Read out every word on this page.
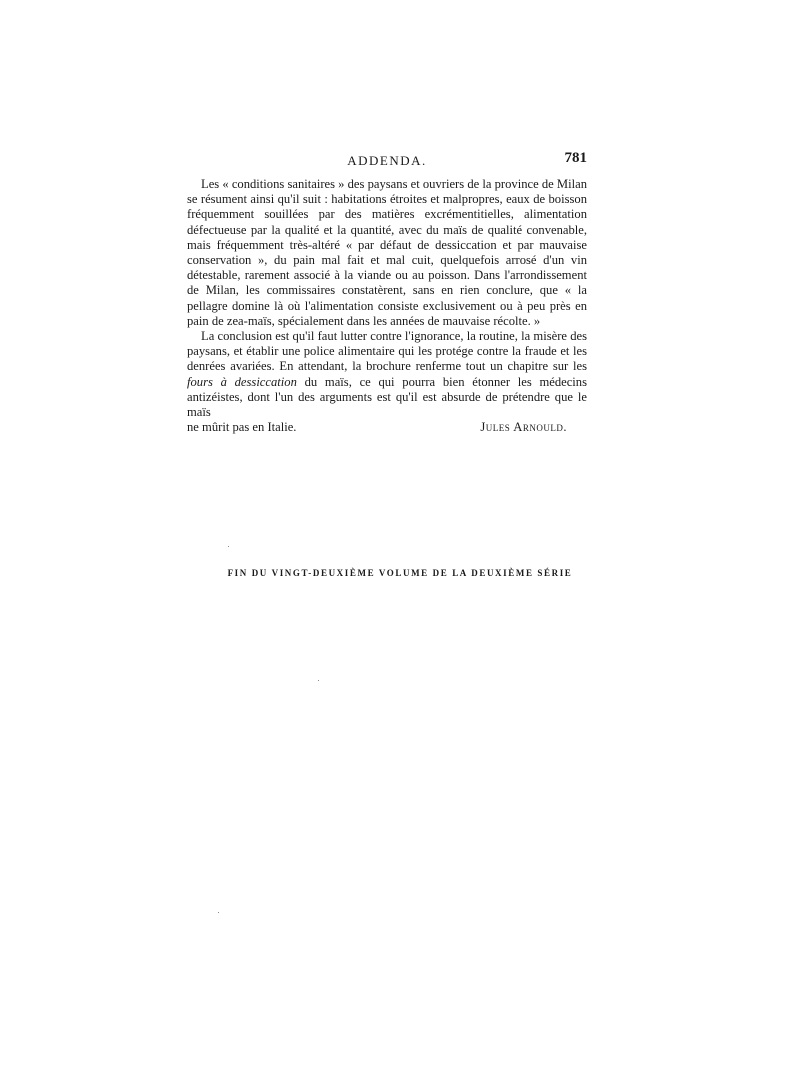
ADDENDA.	781

Les « conditions sanitaires » des paysans et ouvriers de la province de Milan se résument ainsi qu'il suit : habitations étroites et malpropres, eaux de boisson fréquemment souillées par des matières excrémentitielles, alimentation défectueuse par la qualité et la quantité, avec du maïs de qualité convenable, mais fréquemment très-altéré « par défaut de dessiccation et par mauvaise conservation », du pain mal fait et mal cuit, quelquefois arrosé d'un vin détestable, rarement associé à la viande ou au poisson. Dans l'arrondissement de Milan, les commissaires constatèrent, sans en rien conclure, que « la pellagre domine là où l'alimentation consiste exclusivement ou à peu près en pain de zea-maïs, spécialement dans les années de mauvaise récolte. »

La conclusion est qu'il faut lutter contre l'ignorance, la routine, la misère des paysans, et établir une police alimentaire qui les protége contre la fraude et les denrées avariées. En attendant, la brochure renferme tout un chapitre sur les fours à dessiccation du maïs, ce qui pourra bien étonner les médecins antizéistes, dont l'un des arguments est qu'il est absurde de prétendre que le maïs

ne mûrit pas en Italie.	Jules Arnould.
FIN DU VINGT-DEUXIÈME VOLUME DE LA DEUXIÈME SÉRIE
